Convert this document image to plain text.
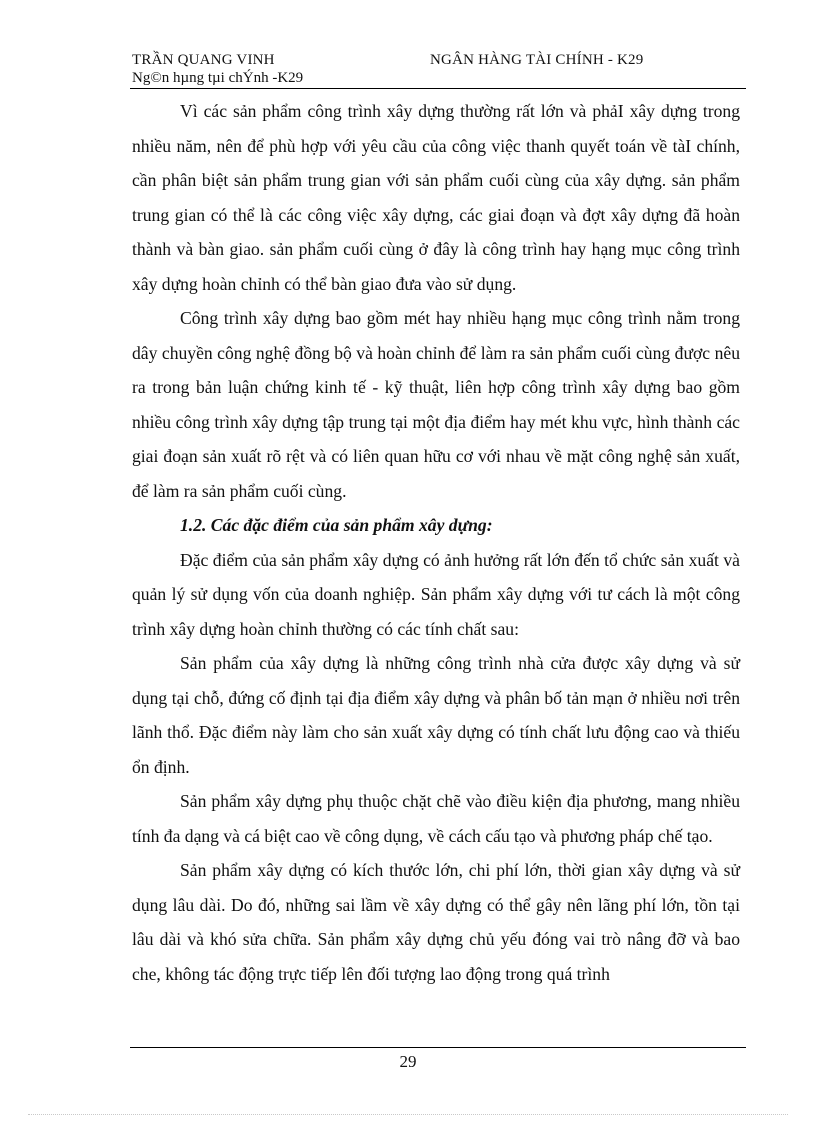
TRẦN QUANG VINH	NGÂN HÀNG TÀI CHÍNH - K29
Ng©n hµng tµi chÝnh -K29

Vì các sản phẩm công trình xây dựng thường rất lớn và phảI xây dựng trong nhiều năm, nên để phù hợp với yêu cầu của công việc thanh quyết toán về tàI chính, cần phân biệt sản phẩm trung gian với sản phẩm cuối cùng của xây dựng. sản phẩm trung gian có thể là các công việc xây dựng, các giai đoạn và đợt xây dựng đã hoàn thành và bàn giao. sản phẩm cuối cùng ở đây là công trình hay hạng mục công trình xây dựng hoàn chỉnh có thể bàn giao đưa vào sử dụng.

Công trình xây dựng bao gồm mét hay nhiều hạng mục công trình nằm trong dây chuyền công nghệ đồng bộ và hoàn chỉnh để làm ra sản phẩm cuối cùng được nêu ra trong bản luận chứng kinh tế - kỹ thuật, liên hợp công trình xây dựng bao gồm nhiều công trình xây dựng tập trung tại một địa điểm hay mét khu vực, hình thành các giai đoạn sản xuất rõ rệt và có liên quan hữu cơ với nhau về mặt công nghệ sản xuất, để làm ra sản phẩm cuối cùng.

1.2. Các đặc điểm của sản phẩm xây dựng:

Đặc điểm của sản phẩm xây dựng có ảnh hưởng rất lớn đến tổ chức sản xuất và quản lý sử dụng vốn của doanh nghiệp. Sản phẩm xây dựng với tư cách là một công trình xây dựng hoàn chỉnh thường có các tính chất sau:

Sản phẩm của xây dựng là những công trình nhà cửa được xây dựng và sử dụng tại chỗ, đứng cố định tại địa điểm xây dựng và phân bố tản mạn ở nhiều nơi trên lãnh thổ. Đặc điểm này làm cho sản xuất xây dựng có tính chất lưu động cao và thiếu ổn định.

Sản phẩm xây dựng phụ thuộc chặt chẽ vào điều kiện địa phương, mang nhiều tính đa dạng và cá biệt cao về công dụng, về cách cấu tạo và phương pháp chế tạo.

Sản phẩm xây dựng có kích thước lớn, chi phí lớn, thời gian xây dựng và sử dụng lâu dài. Do đó, những sai lầm về xây dựng có thể gây nên lãng phí lớn, tồn tại lâu dài và khó sửa chữa. Sản phẩm xây dựng chủ yếu đóng vai trò nâng đỡ và bao che, không tác động trực tiếp lên đối tượng lao động trong quá trình

29
